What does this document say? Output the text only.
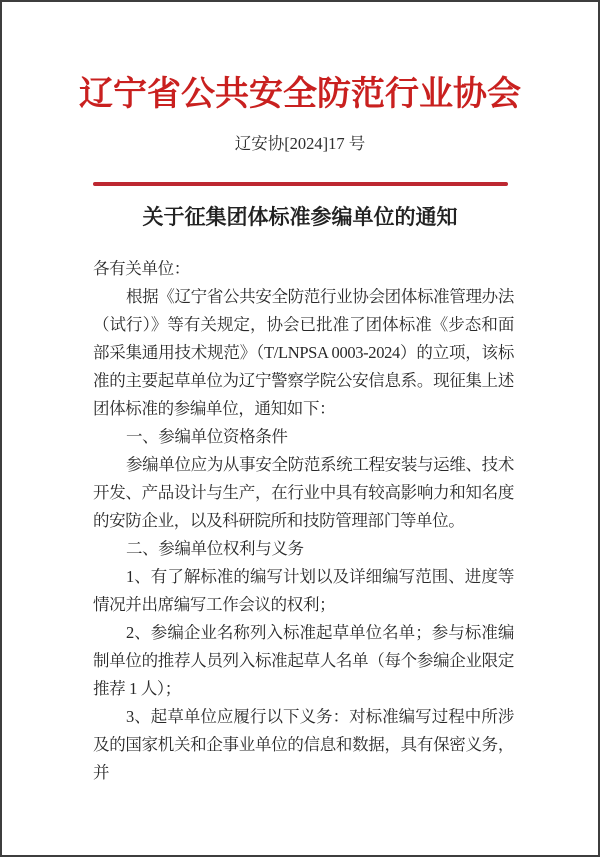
辽宁省公共安全防范行业协会
辽安协[2024]17 号
关于征集团体标准参编单位的通知

各有关单位：

根据《辽宁省公共安全防范行业协会团体标准管理办法（试行）》等有关规定，协会已批准了团体标准《步态和面部采集通用技术规范》（T/LNPSA 0003-2024）的立项，该标准的主要起草单位为辽宁警察学院公安信息系。现征集上述团体标准的参编单位，通知如下：

一、参编单位资格条件

参编单位应为从事安全防范系统工程安装与运维、技术开发、产品设计与生产，在行业中具有较高影响力和知名度的安防企业，以及科研院所和技防管理部门等单位。

二、参编单位权利与义务

1、有了解标准的编写计划以及详细编写范围、进度等情况并出席编写工作会议的权利；

2、参编企业名称列入标准起草单位名单；参与标准编制单位的推荐人员列入标准起草人名单（每个参编企业限定推荐 1 人）；

3、起草单位应履行以下义务：对标准编写过程中所涉及的国家机关和企事业单位的信息和数据，具有保密义务，并
